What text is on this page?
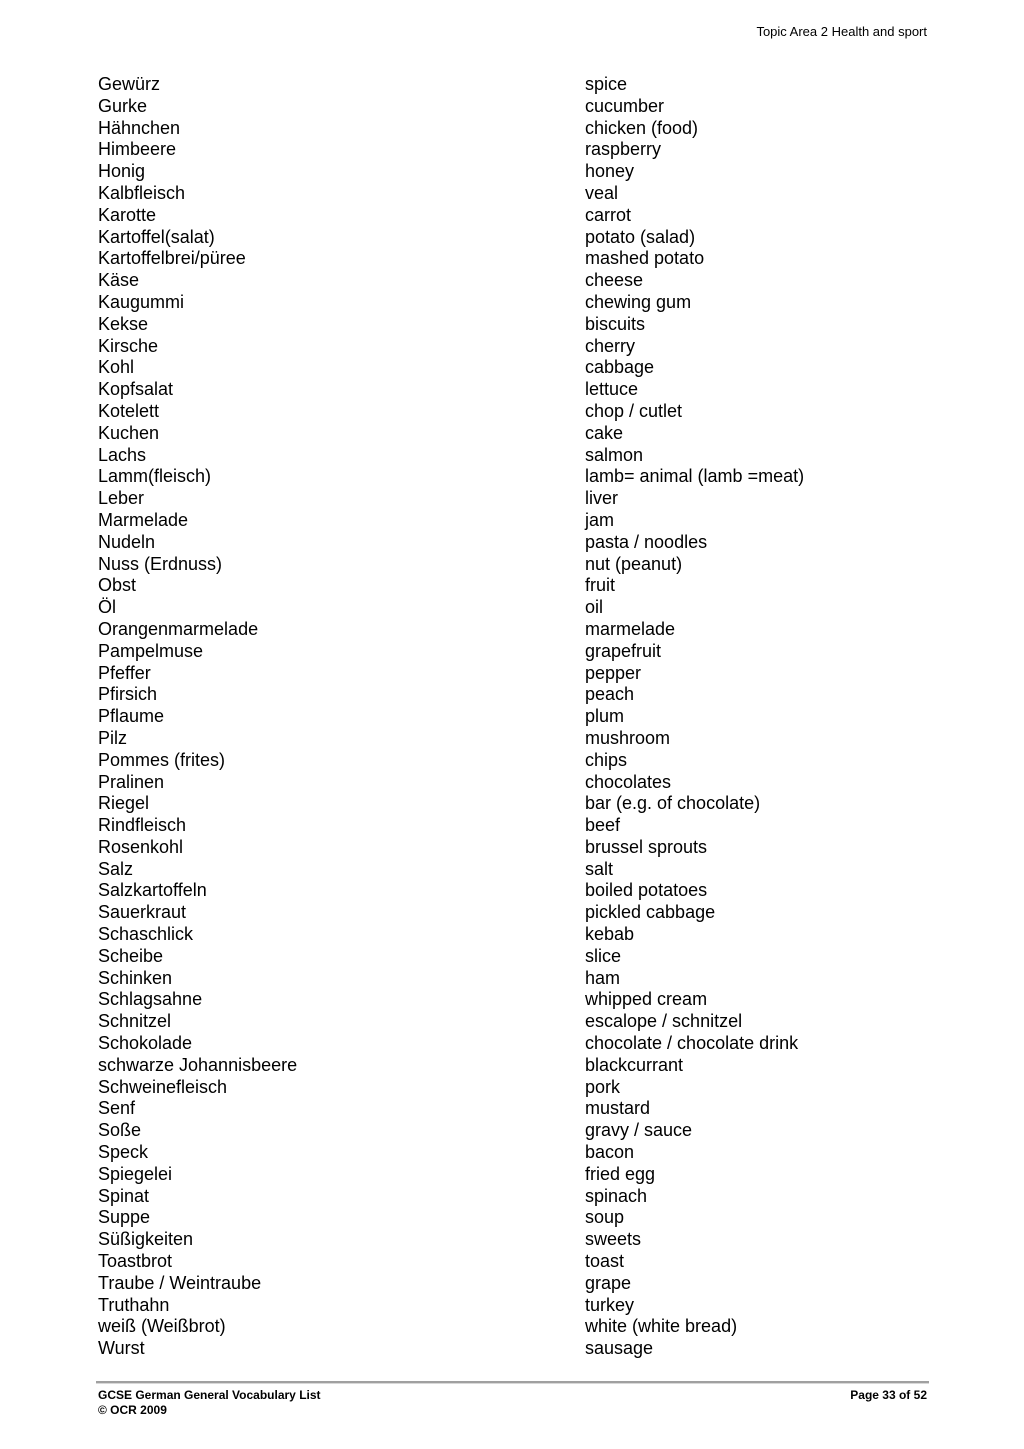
Topic Area 2 Health and sport
Gewürz	spice
Gurke	cucumber
Hähnchen	chicken (food)
Himbeere	raspberry
Honig	honey
Kalbfleisch	veal
Karotte	carrot
Kartoffel(salat)	potato (salad)
Kartoffelbrei/püree	mashed potato
Käse	cheese
Kaugummi	chewing gum
Kekse	biscuits
Kirsche	cherry
Kohl	cabbage
Kopfsalat	lettuce
Kotelett	chop / cutlet
Kuchen	cake
Lachs	salmon
Lamm(fleisch)	lamb= animal (lamb =meat)
Leber	liver
Marmelade	jam
Nudeln	pasta / noodles
Nuss (Erdnuss)	nut (peanut)
Obst	fruit
Öl	oil
Orangenmarmelade	marmelade
Pampelmuse	grapefruit
Pfeffer	pepper
Pfirsich	peach
Pflaume	plum
Pilz	mushroom
Pommes (frites)	chips
Pralinen	chocolates
Riegel	bar (e.g. of chocolate)
Rindfleisch	beef
Rosenkohl	brussel sprouts
Salz	salt
Salzkartoffeln	boiled potatoes
Sauerkraut	pickled cabbage
Schaschlick	kebab
Scheibe	slice
Schinken	ham
Schlagsahne	whipped cream
Schnitzel	escalope / schnitzel
Schokolade	chocolate / chocolate drink
schwarze Johannisbeere	blackcurrant
Schweinefleisch	pork
Senf	mustard
Soße	gravy / sauce
Speck	bacon
Spiegelei	fried egg
Spinat	spinach
Suppe	soup
Süßigkeiten	sweets
Toastbrot	toast
Traube / Weintraube	grape
Truthahn	turkey
weiß (Weißbrot)	white (white bread)
Wurst	sausage
GCSE German General Vocabulary List
© OCR 2009
Page 33 of 52
